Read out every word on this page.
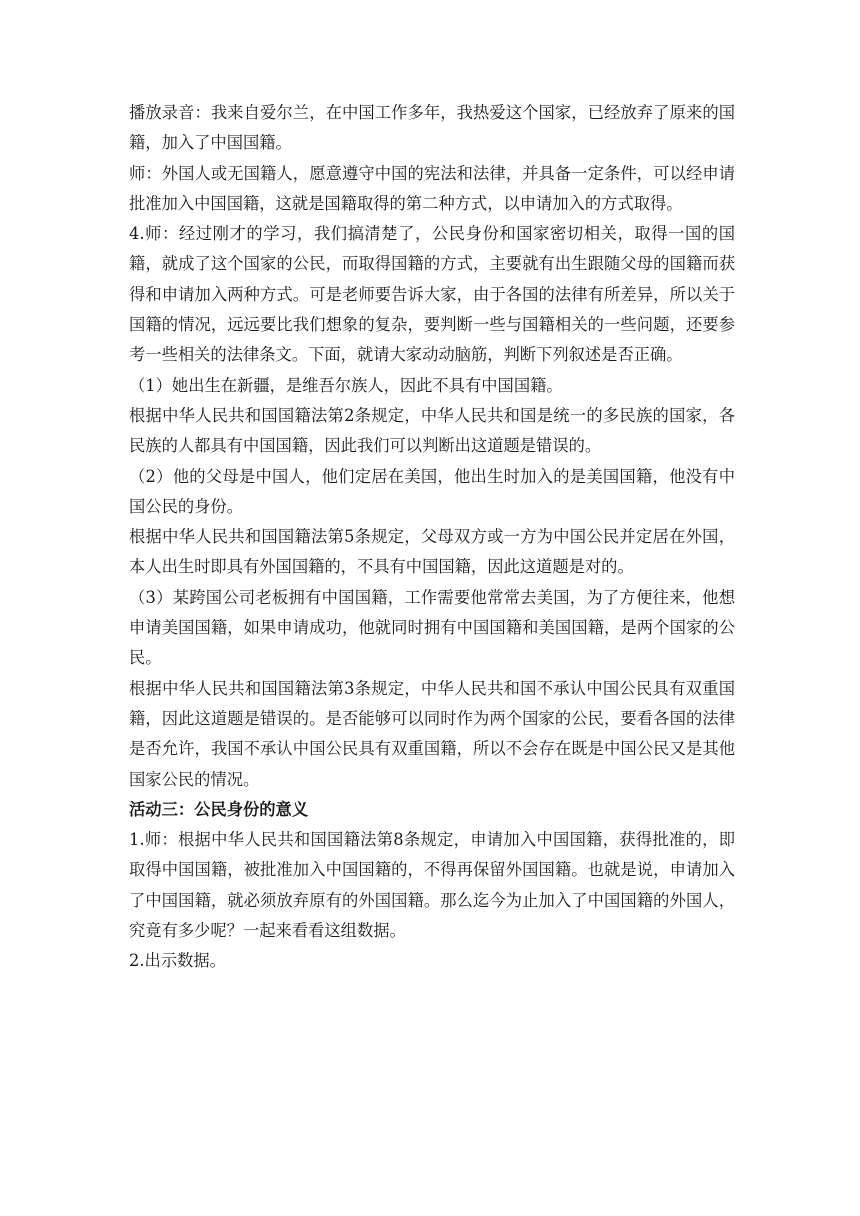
播放录音：我来自爱尔兰，在中国工作多年，我热爱这个国家，已经放弃了原来的国籍，加入了中国国籍。

师：外国人或无国籍人，愿意遵守中国的宪法和法律，并具备一定条件，可以经申请批准加入中国国籍，这就是国籍取得的第二种方式，以申请加入的方式取得。

4.师：经过刚才的学习，我们搞清楚了，公民身份和国家密切相关，取得一国的国籍，就成了这个国家的公民，而取得国籍的方式，主要就有出生跟随父母的国籍而获得和申请加入两种方式。可是老师要告诉大家，由于各国的法律有所差异，所以关于国籍的情况，远远要比我们想象的复杂，要判断一些与国籍相关的一些问题，还要参考一些相关的法律条文。下面，就请大家动动脑筋，判断下列叙述是否正确。

（1）她出生在新疆，是维吾尔族人，因此不具有中国国籍。

根据中华人民共和国国籍法第2条规定，中华人民共和国是统一的多民族的国家，各民族的人都具有中国国籍，因此我们可以判断出这道题是错误的。

（2）他的父母是中国人，他们定居在美国，他出生时加入的是美国国籍，他没有中国公民的身份。

根据中华人民共和国国籍法第5条规定，父母双方或一方为中国公民并定居在外国，本人出生时即具有外国国籍的，不具有中国国籍，因此这道题是对的。

（3）某跨国公司老板拥有中国国籍，工作需要他常常去美国，为了方便往来，他想申请美国国籍，如果申请成功，他就同时拥有中国国籍和美国国籍，是两个国家的公民。

根据中华人民共和国国籍法第3条规定，中华人民共和国不承认中国公民具有双重国籍，因此这道题是错误的。是否能够可以同时作为两个国家的公民，要看各国的法律是否允许，我国不承认中国公民具有双重国籍，所以不会存在既是中国公民又是其他国家公民的情况。

活动三：公民身份的意义

1.师：根据中华人民共和国国籍法第8条规定，申请加入中国国籍，获得批准的，即取得中国国籍，被批准加入中国国籍的，不得再保留外国国籍。也就是说，申请加入了中国国籍，就必须放弃原有的外国国籍。那么迄今为止加入了中国国籍的外国人，究竟有多少呢？一起来看看这组数据。

2.出示数据。
